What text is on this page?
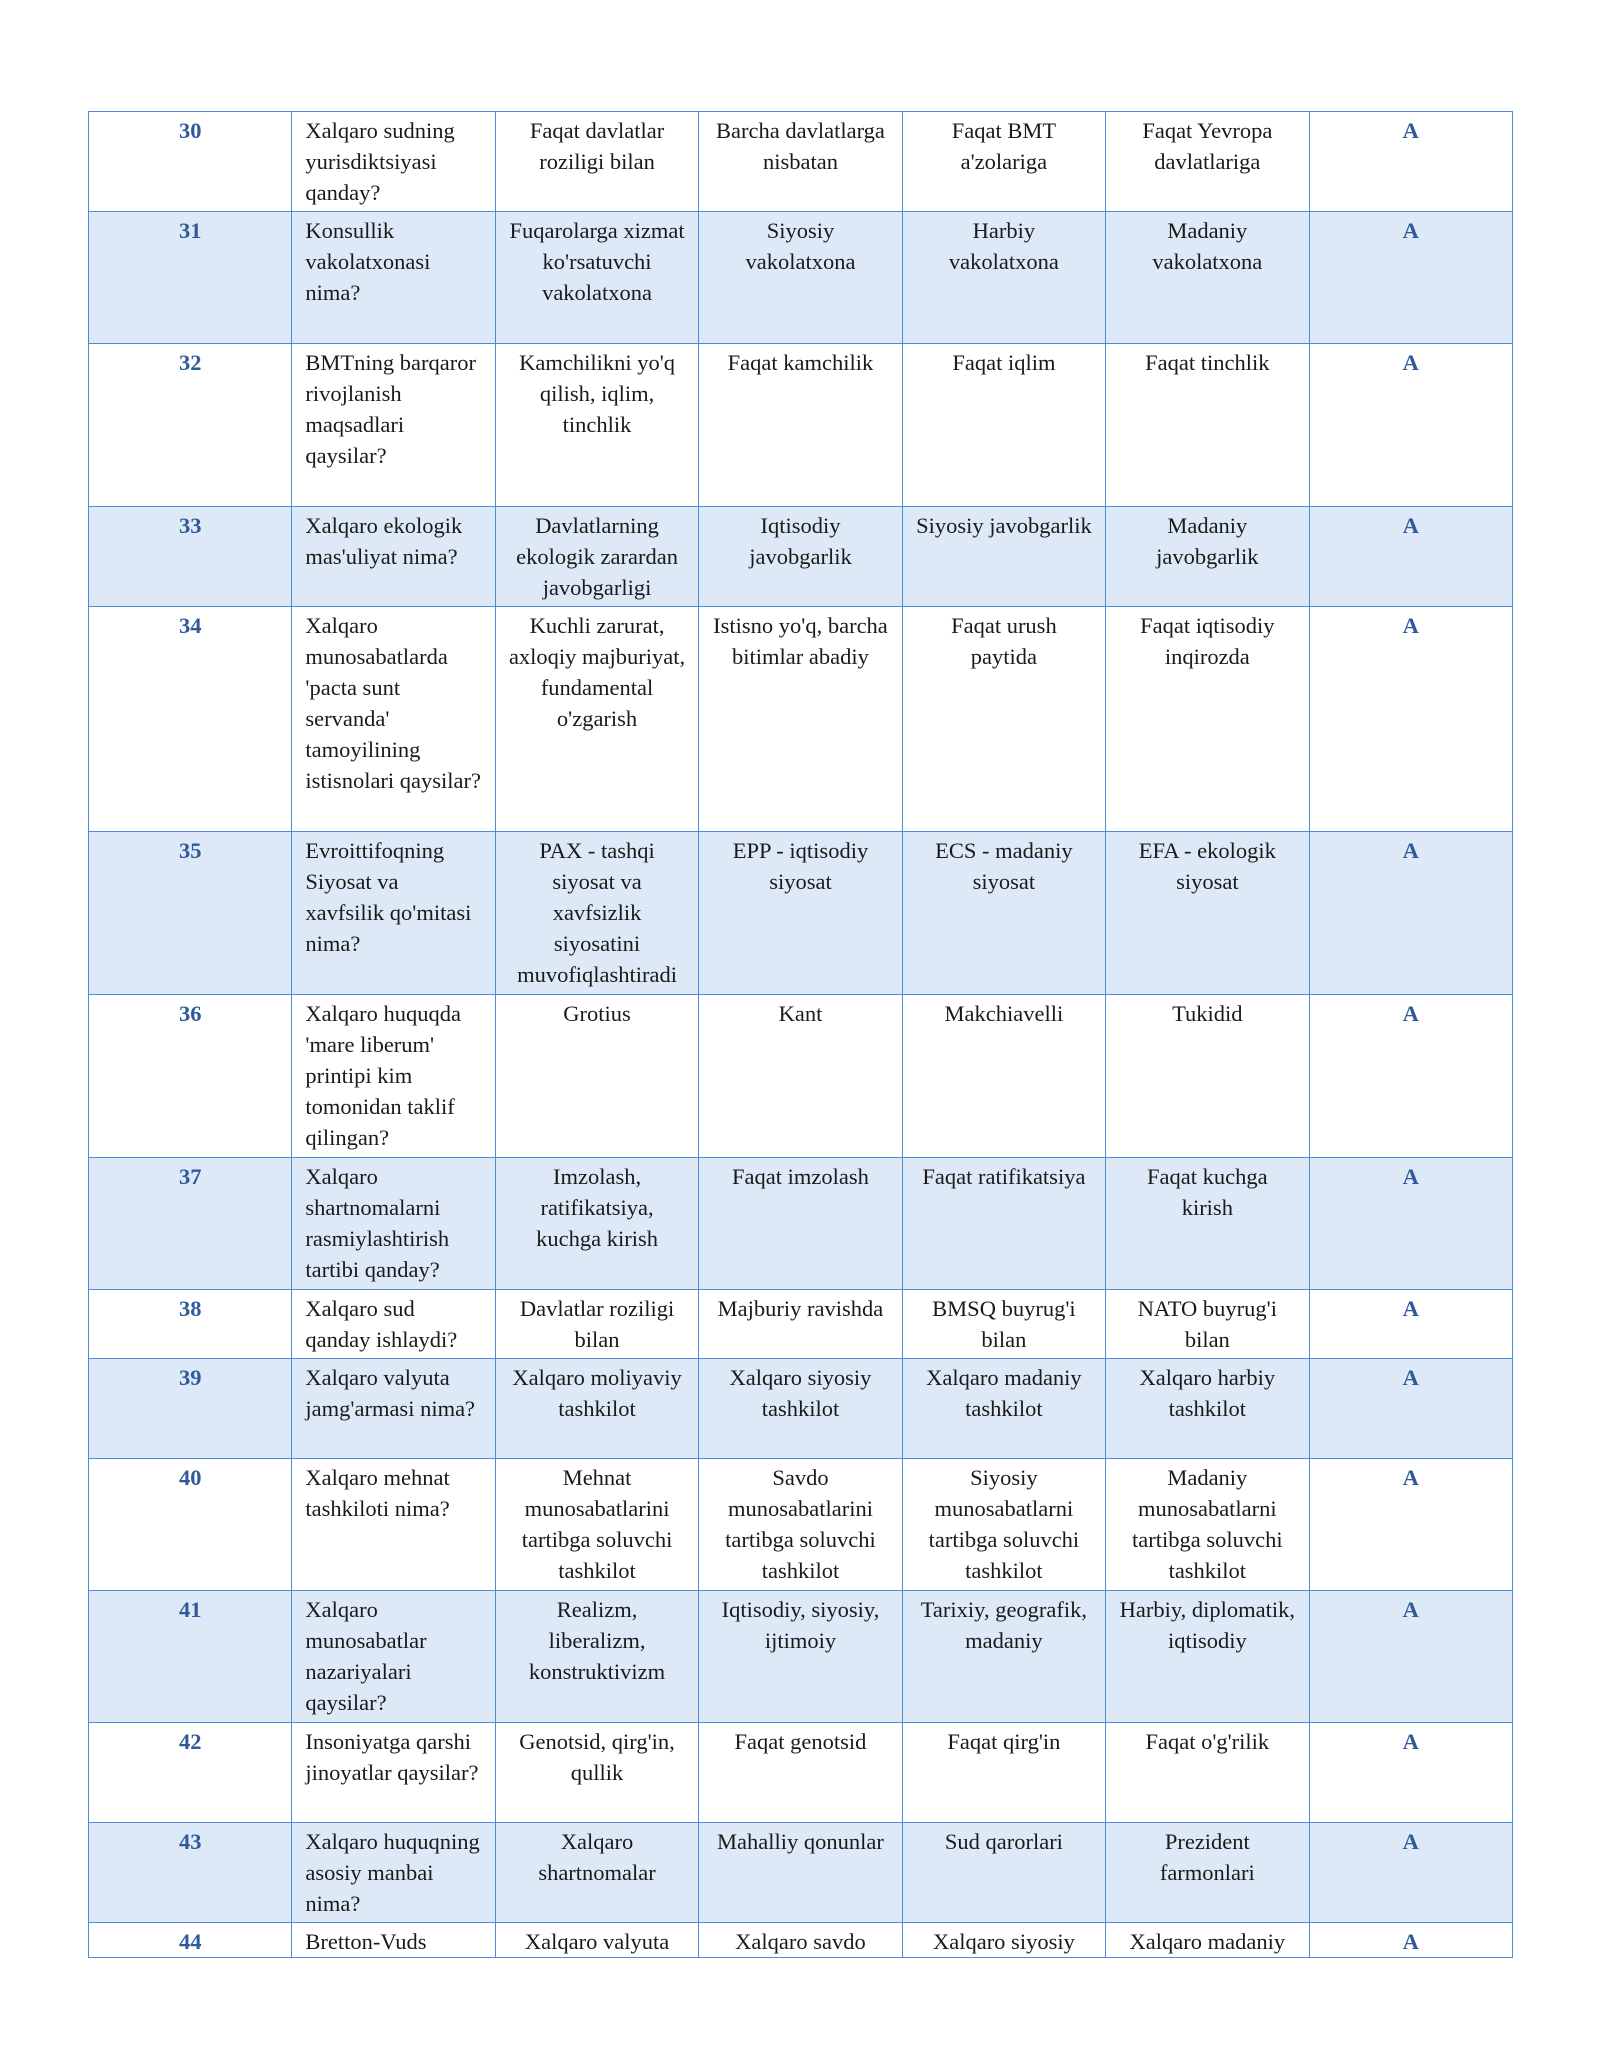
30	Xalqaro sudning yurisdiktsiyasi qanday?	Faqat davlatlar roziligi bilan	Barcha davlatlarga nisbatan	Faqat BMT a'zolariga	Faqat Yevropa davlatlariga	A
31	Konsullik vakolatxonasi nima?	Fuqarolarga xizmat ko'rsatuvchi vakolatxona	Siyosiy vakolatxona	Harbiy vakolatxona	Madaniy vakolatxona	A
32	BMTning barqaror rivojlanish maqsadlari qaysilar?	Kamchilikni yo'q qilish, iqlim, tinchlik	Faqat kamchilik	Faqat iqlim	Faqat tinchlik	A
33	Xalqaro ekologik mas'uliyat nima?	Davlatlarning ekologik zarardan javobgarligi	Iqtisodiy javobgarlik	Siyosiy javobgarlik	Madaniy javobgarlik	A
34	Xalqaro munosabatlarda 'pacta sunt servanda' tamoyilining istisnolari qaysilar?	Kuchli zarurat, axloqiy majburiyat, fundamental o'zgarish	Istisno yo'q, barcha bitimlar abadiy	Faqat urush paytida	Faqat iqtisodiy inqirozda	A
35	Evroittifoqning Siyosat va xavfsilik qo'mitasi nima?	PAX - tashqi siyosat va xavfsizlik siyosatini muvofiqlashtiradi	EPP - iqtisodiy siyosat	ECS - madaniy siyosat	EFA - ekologik siyosat	A
36	Xalqaro huquqda 'mare liberum' printipi kim tomonidan taklif qilingan?	Grotius	Kant	Makchiavelli	Tukidid	A
37	Xalqaro shartnomalarni rasmiylashtirish tartibi qanday?	Imzolash, ratifikatsiya, kuchga kirish	Faqat imzolash	Faqat ratifikatsiya	Faqat kuchga kirish	A
38	Xalqaro sud qanday ishlaydi?	Davlatlar roziligi bilan	Majburiy ravishda	BMSQ buyrug'i bilan	NATO buyrug'i bilan	A
39	Xalqaro valyuta jamg'armasi nima?	Xalqaro moliyaviy tashkilot	Xalqaro siyosiy tashkilot	Xalqaro madaniy tashkilot	Xalqaro harbiy tashkilot	A
40	Xalqaro mehnat tashkiloti nima?	Mehnat munosabatlarini tartibga soluvchi tashkilot	Savdo munosabatlarini tartibga soluvchi tashkilot	Siyosiy munosabatlarni tartibga soluvchi tashkilot	Madaniy munosabatlarni tartibga soluvchi tashkilot	A
41	Xalqaro munosabatlar nazariyalari qaysilar?	Realizm, liberalizm, konstruktivizm	Iqtisodiy, siyosiy, ijtimoiy	Tarixiy, geografik, madaniy	Harbiy, diplomatik, iqtisodiy	A
42	Insoniyatga qarshi jinoyatlar qaysilar?	Genotsid, qirg'in, qullik	Faqat genotsid	Faqat qirg'in	Faqat o'g'rilik	A
43	Xalqaro huquqning asosiy manbai nima?	Xalqaro shartnomalar	Mahalliy qonunlar	Sud qarorlari	Prezident farmonlari	A
44	Bretton-Vuds	Xalqaro valyuta	Xalqaro savdo	Xalqaro siyosiy	Xalqaro madaniy	A
